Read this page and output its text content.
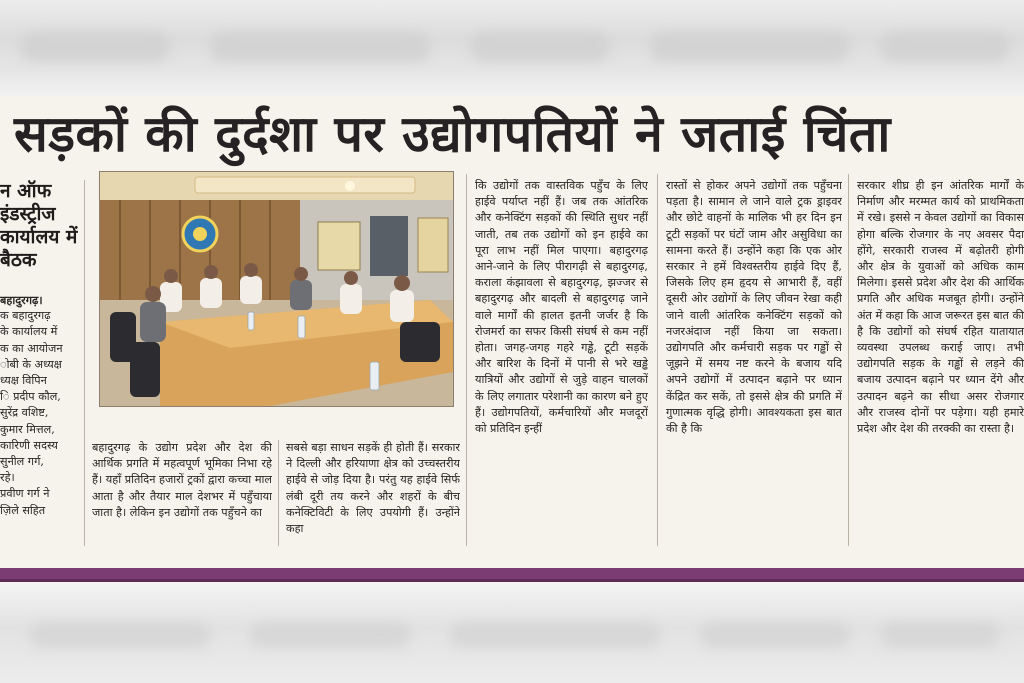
सड़कों की दुर्दशा पर उद्योगपतियों ने जताई चिंता
न ऑफ
इंडस्ट्रीज
कार्यालय में
बैठक
बहादुरगढ़।
क बहादुरगढ़
के कार्यालय में
क का आयोजन
ोबी के अध्यक्ष
ध्यक्ष विपिन
ि प्रदीप कौल,
सुरेंद्र वशिष्ट,
कुमार मित्तल,
कारिणी सदस्य
सुनील गर्ग,
रहे।
प्रवीण गर्ग ने
ज़िले सहित
बहादुरगढ़ के उद्योग प्रदेश और देश की आर्थिक प्रगति में महत्वपूर्ण भूमिका निभा रहे हैं। यहाँ प्रतिदिन हजारों ट्रकों द्वारा कच्चा माल आता है और तैयार माल देशभर में पहुँचाया जाता है। लेकिन इन उद्योगों तक पहुँचने का
सबसे बड़ा साधन सड़कें ही होती हैं। सरकार ने दिल्ली और हरियाणा क्षेत्र को उच्चस्तरीय हाईवे से जोड़ दिया है। परंतु यह हाईवे सिर्फ लंबी दूरी तय करने और शहरों के बीच कनेक्टिविटी के लिए उपयोगी हैं। उन्होंने कहा
कि उद्योगों तक वास्तविक पहुँच के लिए हाईवे पर्याप्त नहीं हैं। जब तक आंतरिक और कनेक्टिंग सड़कों की स्थिति सुधर नहीं जाती, तब तक उद्योगों को इन हाईवे का पूरा लाभ नहीं मिल पाएगा। बहादुरगढ़ आने-जाने के लिए पीरागढ़ी से बहादुरगढ़, कराला कंझावला से बहादुरगढ़, झज्जर से बहादुरगढ़ और बादली से बहादुरगढ़ जाने वाले मार्गों की हालत इतनी जर्जर है कि रोजमर्रा का सफर किसी संघर्ष से कम नहीं होता। जगह-जगह गहरे गड्ढे, टूटी सड़कें और बारिश के दिनों में पानी से भरे खड्ढे यात्रियों और उद्योगों से जुड़े वाहन चालकों के लिए लगातार परेशानी का कारण बने हुए हैं। उद्योगपतियों, कर्मचारियों और मजदूरों को प्रतिदिन इन्हीं
रास्तों से होकर अपने उद्योगों तक पहुँचना पड़ता है। सामान ले जाने वाले ट्रक ड्राइवर और छोटे वाहनों के मालिक भी हर दिन इन टूटी सड़कों पर घंटों जाम और असुविधा का सामना करते हैं। उन्होंने कहा कि एक ओर सरकार ने हमें विश्वस्तरीय हाईवे दिए हैं, जिसके लिए हम हृदय से आभारी हैं, वहीं दूसरी ओर उद्योगों के लिए जीवन रेखा कही जाने वाली आंतरिक कनेक्टिंग सड़कों को नजरअंदाज नहीं किया जा सकता। उद्योगपति और कर्मचारी सड़क पर गड्ढों से जूझने में समय नष्ट करने के बजाय यदि अपने उद्योगों में उत्पादन बढ़ाने पर ध्यान केंद्रित कर सकें, तो इससे क्षेत्र की प्रगति में गुणात्मक वृद्धि होगी। आवश्यकता इस बात की है कि
सरकार शीघ्र ही इन आंतरिक मार्गों के निर्माण और मरम्मत कार्य को प्राथमिकता में रखे। इससे न केवल उद्योगों का विकास होगा बल्कि रोजगार के नए अवसर पैदा होंगे, सरकारी राजस्व में बढ़ोतरी होगी और क्षेत्र के युवाओं को अधिक काम मिलेगा। इससे प्रदेश और देश की आर्थिक प्रगति और अधिक मजबूत होगी। उन्होंने अंत में कहा कि आज जरूरत इस बात की है कि उद्योगों को संघर्ष रहित यातायात व्यवस्था उपलब्ध कराई जाए। तभी उद्योगपति सड़क के गड्ढों से लड़ने की बजाय उत्पादन बढ़ाने पर ध्यान देंगे और उत्पादन बढ़ने का सीधा असर रोजगार और राजस्व दोनों पर पड़ेगा। यही हमारे प्रदेश और देश की तरक्की का रास्ता है।
